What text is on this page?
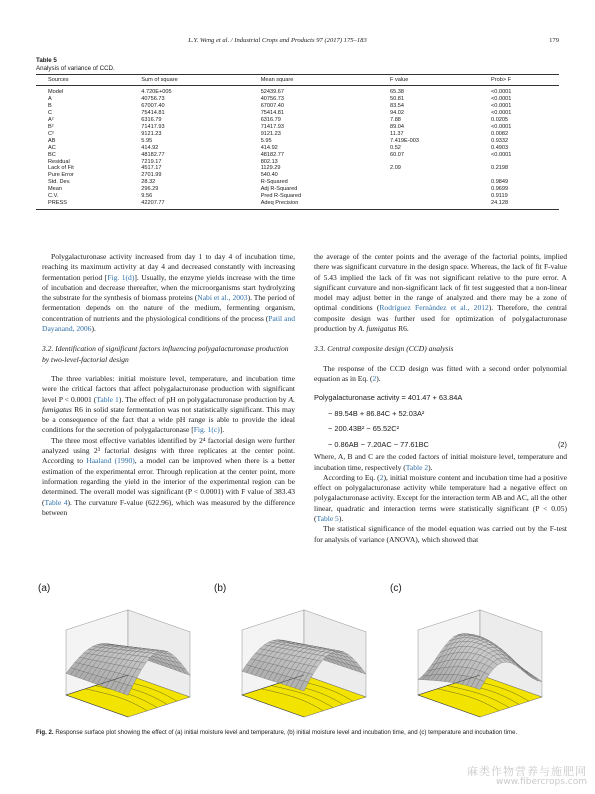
L.Y. Weng et al. / Industrial Crops and Products 97 (2017) 175–183	179
Table 5
Analysis of variance of CCD.
Sources	Sum of square	Mean square	F value	Prob> F
Model	4.720E+005	52439.67	65.38	<0.0001
A	40756.73	40756.73	50.81	<0.0001
B	67007.40	67007.40	83.54	<0.0001
C	75414.81	75414.81	94.02	<0.0001
A²	6316.79	6316.79	7.88	0.0205
B²	71417.93	71417.93	89.04	<0.0001
C²	9121.23	9121.23	11.37	0.0082
AB	5.95	5.95	7.419E-003	0.9332
AC	414.92	414.92	0.52	0.4903
BC	48182.77	48182.77	60.07	<0.0001
Residual	7219.17	802.13		
Lack of Fit	4517.17	1129.29	2.09	0.2198
Pure Error	2701.99	540.40		
Std. Dev.	28.32	R-Squared		0.9849
Mean	296.29	Adj R-Squared		0.9699
C.V.	9.56	Pred R-Squared		0.9119
PRESS	42207.77	Adeq Precision		24.128

Polygalacturonase activity increased from day 1 to day 4 of incubation time, reaching its maximum activity at day 4 and decreased constantly with increasing fermentation period [Fig. 1(d)]. Usually, the enzyme yields increase with the time of incubation and decrease thereafter, when the microorganisms start hydrolyzing the substrate for the synthesis of biomass proteins (Nabi et al., 2003). The period of fermentation depends on the nature of the medium, fermenting organism, concentration of nutrients and the physiological conditions of the process (Patil and Dayanand, 2006).

3.2. Identification of significant factors influencing polygalacturonase production by two-level-factorial design

The three variables: initial moisture level, temperature, and incubation time were the critical factors that affect polygalacturonase production with significant level P < 0.0001 (Table 1). The effect of pH on polygalacturonase production by A. fumigatus R6 in solid state fermentation was not statistically significant. This may be a consequence of the fact that a wide pH range is able to provide the ideal conditions for the secretion of polygalacturonase [Fig. 1(c)].

The three most effective variables identified by 2⁴ factorial design were further analyzed using 2³ factorial designs with three replicates at the center point. According to Haaland (1990), a model can be improved when there is a better estimation of the experimental error. Through replication at the center point, more information regarding the yield in the interior of the experimental region can be determined. The overall model was significant (P < 0.0001) with F value of 383.43 (Table 4). The curvature F-value (622.96), which was measured by the difference between

the average of the center points and the average of the factorial points, implied there was significant curvature in the design space. Whereas, the lack of fit F-value of 5.43 implied the lack of fit was not significant relative to the pure error. A significant curvature and non-significant lack of fit test suggested that a non-linear model may adjust better in the range of analyzed and there may be a zone of optimal conditions (Rodríguez Fernández et al., 2012). Therefore, the central composite design was further used for optimization of polygalacturonase production by A. fumigatus R6.

3.3. Central composite design (CCD) analysis

The response of the CCD design was fitted with a second order polynomial equation as in Eq. (2).

Polygalacturonase activity = 401.47 + 63.84A
− 89.54B + 86.84C + 52.03A²
− 200.43B² − 65.52C²
− 0.86AB − 7.20AC − 77.61BC	(2)

Where, A, B and C are the coded factors of initial moisture level, temperature and incubation time, respectively (Table 2).

According to Eq. (2), initial moisture content and incubation time had a positive effect on polygalacturonase activity while temperature had a negative effect on polygalacturonase activity. Except for the interaction term AB and AC, all the other linear, quadratic and interaction terms were statistically significant (P < 0.05) (Table 5).

The statistical significance of the model equation was carried out by the F-test for analysis of variance (ANOVA), which showed that

(a)	(b)	(c)
Fig. 2. Response surface plot showing the effect of (a) initial moisture level and temperature, (b) initial moisture level and incubation time, and (c) temperature and incubation time.
麻类作物营养与施肥网
www.fibercrops.com
